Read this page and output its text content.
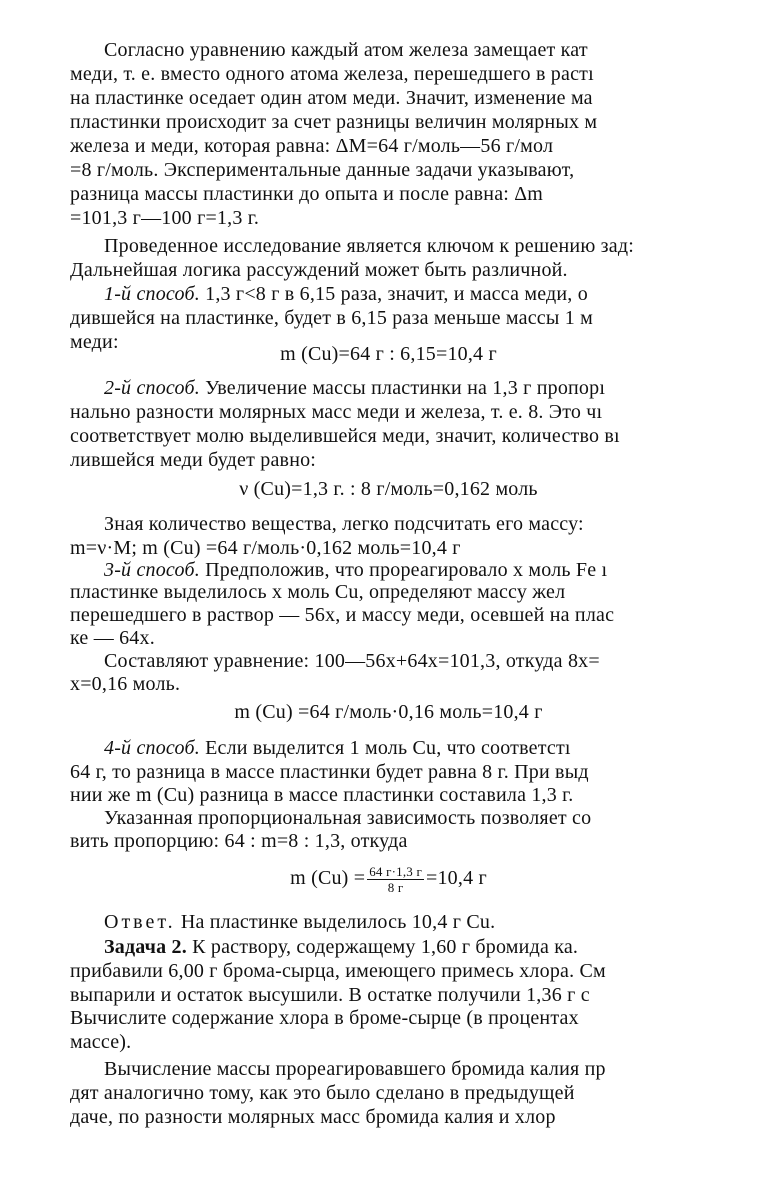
Согласно уравнению каждый атом железа замещает кат
меди, т. е. вместо одного атома железа, перешедшего в растı
на пластинке оседает один атом меди. Значит, изменение ма
пластинки происходит за счет разницы величин молярных м
железа и меди, которая равна: ΔM=64 г/моль—56 г/мол
=8 г/моль. Экспериментальные данные задачи указывают,
разница массы пластинки до опыта и после равна: Δm
=101,3 г—100 г=1,3 г.
Проведенное исследование является ключом к решению зад:
Дальнейшая логика рассуждений может быть различной.
1-й способ. 1,3 г<8 г в 6,15 раза, значит, и масса меди, о
дившейся на пластинке, будет в 6,15 раза меньше массы 1 м
меди:
m (Cu)=64 г : 6,15=10,4 г
2-й способ. Увеличение массы пластинки на 1,3 г пропорı
нально разности молярных масс меди и железа, т. е. 8. Это чı
соответствует молю выделившейся меди, значит, количество вı
лившейся меди будет равно:
ν (Cu)=1,3 г. : 8 г/моль=0,162 моль
Зная количество вещества, легко подсчитать его массу:
m=ν·M; m (Cu) =64 г/моль·0,162 моль=10,4 г
3-й способ. Предположив, что прореагировало x моль Fe ı
пластинке выделилось x моль Cu, определяют массу жел
перешедшего в раствор — 56x, и массу меди, осевшей на плас
ке — 64x.
Составляют уравнение: 100—56x+64x=101,3, откуда 8x=
x=0,16 моль.
m (Cu) =64 г/моль·0,16 моль=10,4 г
4-й способ. Если выделится 1 моль Cu, что соответстı
64 г, то разница в массе пластинки будет равна 8 г. При выд
нии же m (Cu) разница в массе пластинки составила 1,3 г.
Указанная пропорциональная зависимость позволяет со
вить пропорцию: 64 : m=8 : 1,3, откуда
m $(Cu) = \frac{64 г\cdot 1,3 г}{8 г} =10,4$ г
Ответ. На пластинке выделилось 10,4 г Cu.
Задача 2. К раствору, содержащему 1,60 г бромида ка.
прибавили 6,00 г брома-сырца, имеющего примесь хлора. См
выпарили и остаток высушили. В остатке получили 1,36 г с
Вычислите содержание хлора в броме-сырце (в процентах
массе).
Вычисление массы прореагировавшего бромида калия пр
дят аналогично тому, как это было сделано в предыдущей
даче, по разности молярных масс бромида калия и хлор
